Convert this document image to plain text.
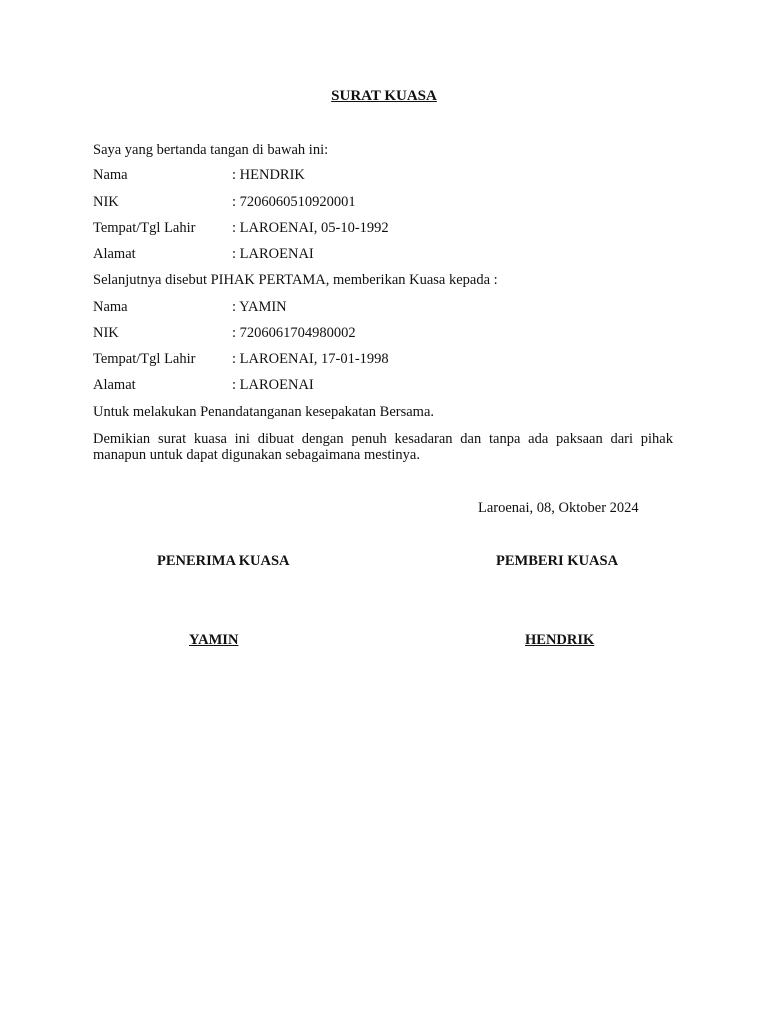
SURAT KUASA
Saya yang bertanda tangan di bawah ini:
Nama	: HENDRIK
NIK	: 7206060510920001
Tempat/Tgl Lahir	: LAROENAI, 05-10-1992
Alamat	: LAROENAI
Selanjutnya disebut PIHAK PERTAMA, memberikan Kuasa kepada :
Nama	: YAMIN
NIK	: 7206061704980002
Tempat/Tgl Lahir	: LAROENAI, 17-01-1998
Alamat	: LAROENAI
Untuk melakukan Penandatanganan kesepakatan Bersama.
Demikian surat kuasa ini dibuat dengan penuh kesadaran dan tanpa ada paksaan dari pihak manapun untuk dapat digunakan sebagaimana mestinya.
Laroenai, 08, Oktober 2024
PENERIMA KUASA	PEMBERI KUASA
YAMIN	HENDRIK
